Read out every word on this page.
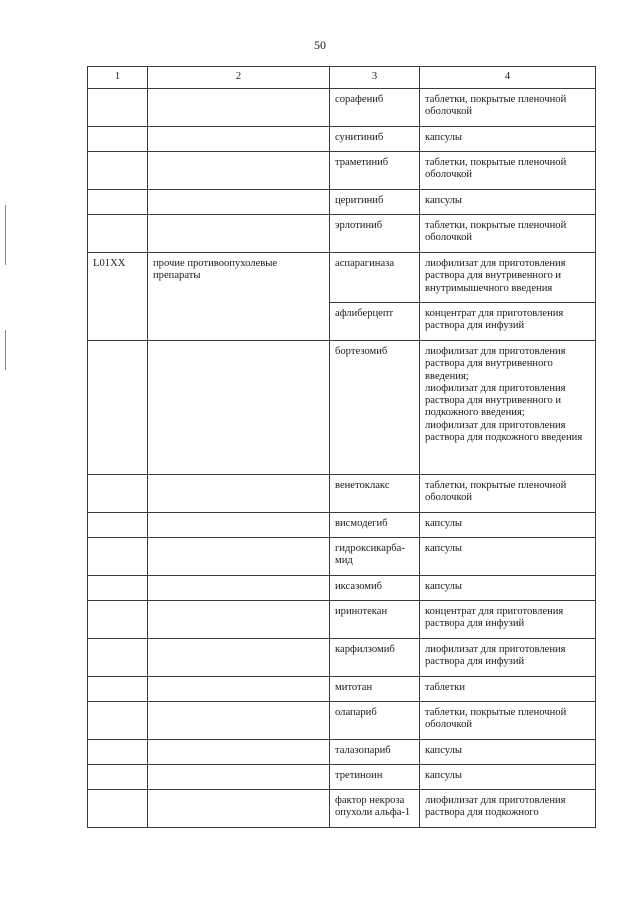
50
1	2	3	4
		сорафениб	таблетки, покрытые пленочной оболочкой
		сунитиниб	капсулы
		траметиниб	таблетки, покрытые пленочной оболочкой
		церитиниб	капсулы
		эрлотиниб	таблетки, покрытые пленочной оболочкой
L01XX	прочие противоопухолевые препараты	аспарагиназа	лиофилизат для приготовления раствора для внутривенного и внутримышечного введения
		афлиберцепт	концентрат для приготовления раствора для инфузий
		бортезомиб	лиофилизат для приготовления раствора для внутривенного введения;
лиофилизат для приготовления раствора для внутривенного и подкожного введения;
лиофилизат для приготовления раствора для подкожного введения

		венетоклакс	таблетки, покрытые пленочной оболочкой
		висмодегиб	капсулы
		гидроксикарба-мид	капсулы
		иксазомиб	капсулы
		иринотекан	концентрат для приготовления раствора для инфузий
		карфилзомиб	лиофилизат для приготовления раствора для инфузий
		митотан	таблетки
		олапариб	таблетки, покрытые пленочной оболочкой
		талазопариб	капсулы
		третиноин	капсулы
		фактор некроза опухоли альфа-1	лиофилизат для приготовления раствора для подкожного
